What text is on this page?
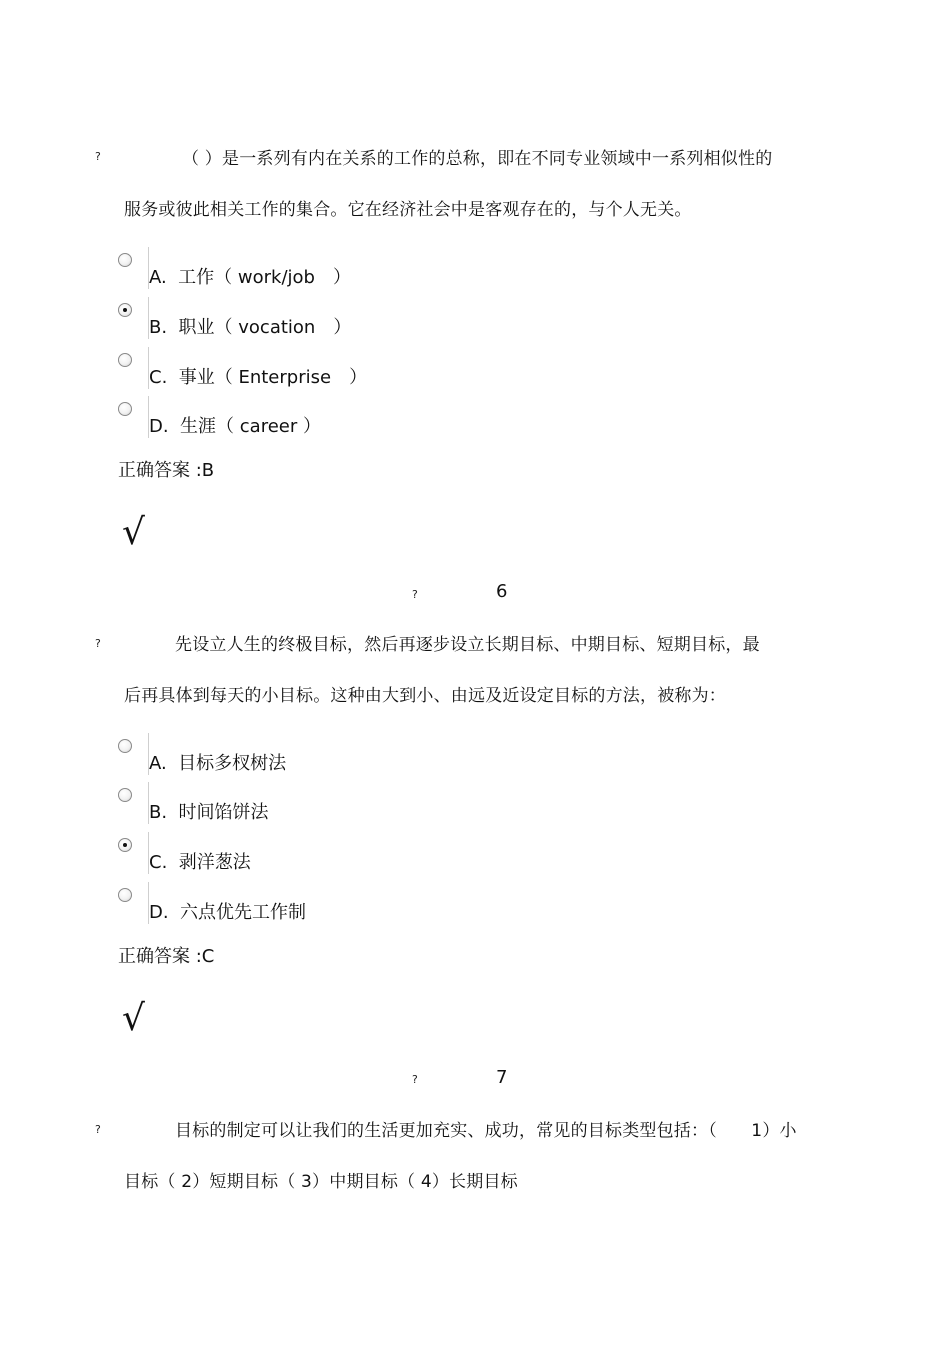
?	（ ）是一系列有内在关系的工作的总称，即在不同专业领域中一系列相似性的
服务或彼此相关工作的集合。它在经济社会中是客观存在的，与个人无关。
A. 工作（ work/job　）
B. 职业（ vocation　）
C. 事业（ Enterprise　）
D. 生涯（ career ）
正确答案 :B
√
?	6
?	先设立人生的终极目标，然后再逐步设立长期目标、中期目标、短期目标，最
后再具体到每天的小目标。这种由大到小、由远及近设定目标的方法，被称为：
A. 目标多杈树法
B. 时间馅饼法
C. 剥洋葱法
D. 六点优先工作制
正确答案 :C
√
?	7
?	目标的制定可以让我们的生活更加充实、成功，常见的目标类型包括：（　　1）小
目标（ 2）短期目标（ 3）中期目标（ 4）长期目标
